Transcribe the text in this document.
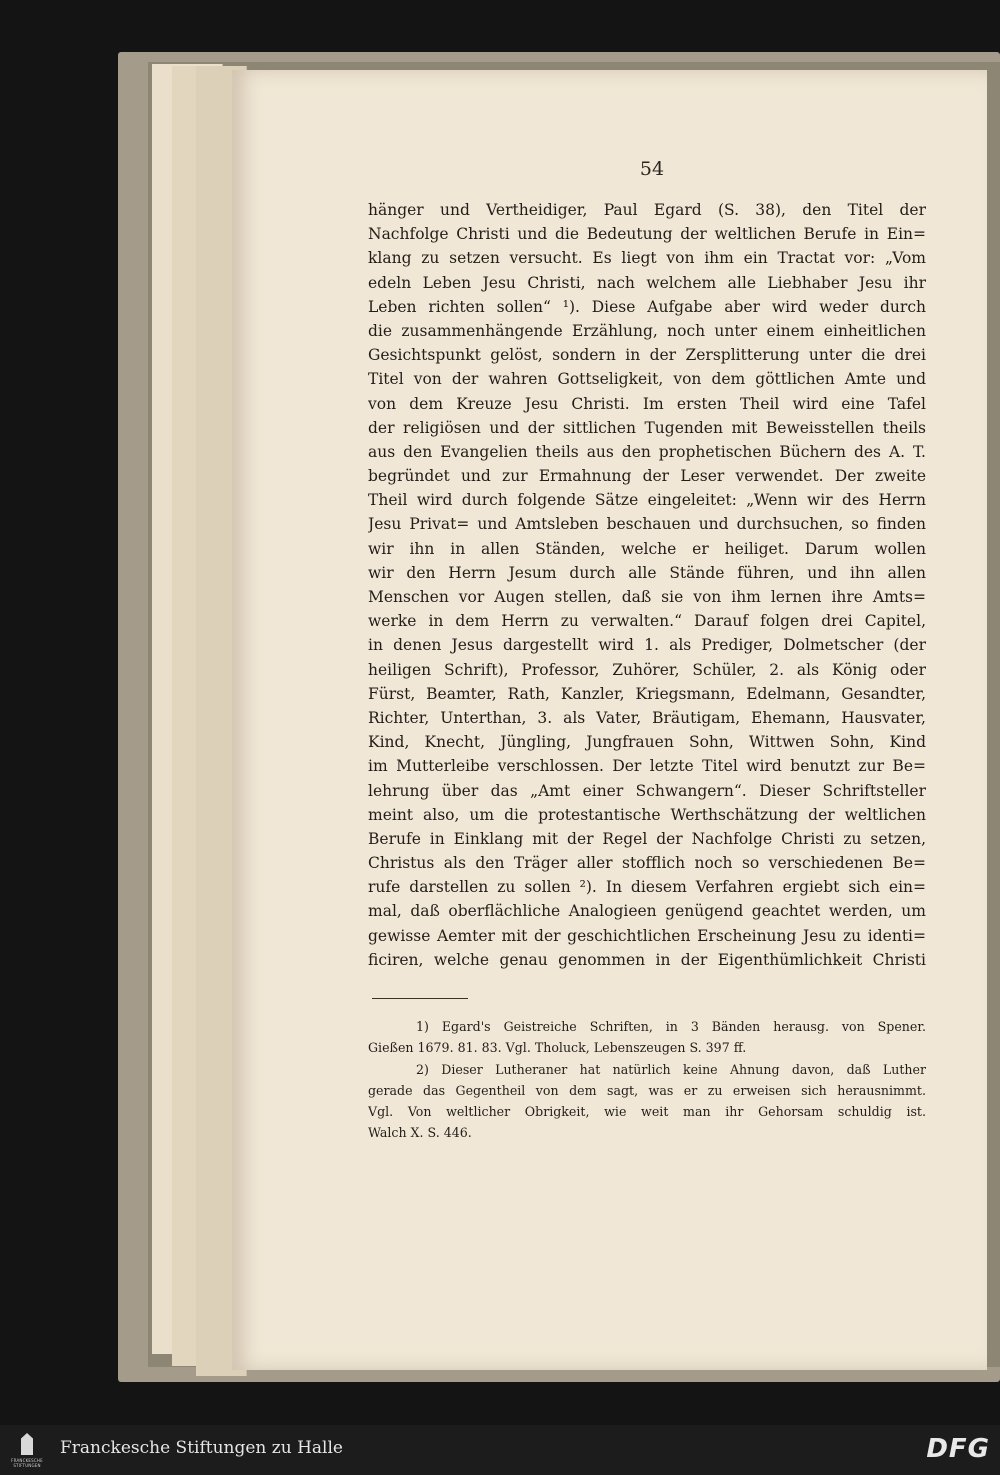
54
hänger und Vertheidiger, Paul Egard (S. 38), den Titel der
Nachfolge Christi und die Bedeutung der weltlichen Berufe in Ein=
klang zu setzen versucht. Es liegt von ihm ein Tractat vor: „Vom
edeln Leben Jesu Christi, nach welchem alle Liebhaber Jesu ihr
Leben richten sollen“ ¹). Diese Aufgabe aber wird weder durch
die zusammenhängende Erzählung, noch unter einem einheitlichen
Gesichtspunkt gelöst, sondern in der Zersplitterung unter die drei
Titel von der wahren Gottseligkeit, von dem göttlichen Amte und
von dem Kreuze Jesu Christi. Im ersten Theil wird eine Tafel
der religiösen und der sittlichen Tugenden mit Beweisstellen theils
aus den Evangelien theils aus den prophetischen Büchern des A. T.
begründet und zur Ermahnung der Leser verwendet. Der zweite
Theil wird durch folgende Sätze eingeleitet: „Wenn wir des Herrn
Jesu Privat= und Amtsleben beschauen und durchsuchen, so finden
wir ihn in allen Ständen, welche er heiliget. Darum wollen
wir den Herrn Jesum durch alle Stände führen, und ihn allen
Menschen vor Augen stellen, daß sie von ihm lernen ihre Amts=
werke in dem Herrn zu verwalten.“ Darauf folgen drei Capitel,
in denen Jesus dargestellt wird 1. als Prediger, Dolmetscher (der
heiligen Schrift), Professor, Zuhörer, Schüler, 2. als König oder
Fürst, Beamter, Rath, Kanzler, Kriegsmann, Edelmann, Gesandter,
Richter, Unterthan, 3. als Vater, Bräutigam, Ehemann, Hausvater,
Kind, Knecht, Jüngling, Jungfrauen Sohn, Wittwen Sohn, Kind
im Mutterleibe verschlossen. Der letzte Titel wird benutzt zur Be=
lehrung über das „Amt einer Schwangern“. Dieser Schriftsteller
meint also, um die protestantische Werthschätzung der weltlichen
Berufe in Einklang mit der Regel der Nachfolge Christi zu setzen,
Christus als den Träger aller stofflich noch so verschiedenen Be=
rufe darstellen zu sollen ²). In diesem Verfahren ergiebt sich ein=
mal, daß oberflächliche Analogieen genügend geachtet werden, um
gewisse Aemter mit der geschichtlichen Erscheinung Jesu zu identi=
ficiren, welche genau genommen in der Eigenthümlichkeit Christi
1) Egard's Geistreiche Schriften, in 3 Bänden herausg. von Spener.
Gießen 1679. 81. 83. Vgl. Tholuck, Lebenszeugen S. 397 ff.
2) Dieser Lutheraner hat natürlich keine Ahnung davon, daß Luther
gerade das Gegentheil von dem sagt, was er zu erweisen sich herausnimmt.
Vgl. Von weltlicher Obrigkeit, wie weit man ihr Gehorsam schuldig ist.
Walch X. S. 446.
FRANCKESCHE STIFTUNGEN
Franckesche Stiftungen zu Halle	DFG
